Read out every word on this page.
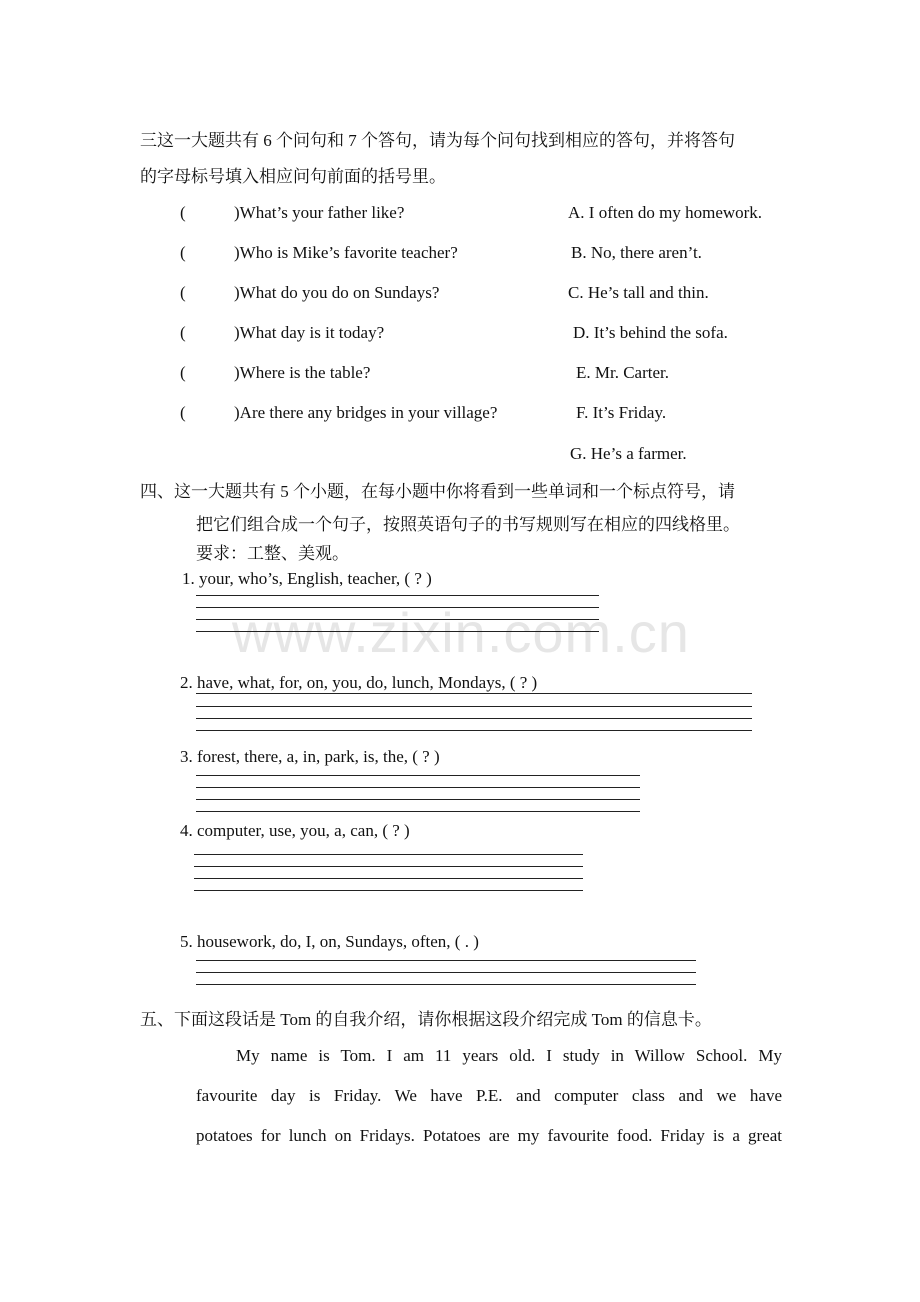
www.zixin.com.cn
三这一大题共有 6 个问句和 7 个答句，请为每个问句找到相应的答句，并将答句
的字母标号填入相应问句前面的括号里。
(	)What’s your father like?
(	)Who is Mike’s favorite teacher?
(	)What do you do on Sundays?
(	)What day is it today?
(	)Where is the table?
(	)Are there any bridges in your village?
A. I often do my homework.
B. No, there aren’t.
C. He’s tall and thin.
D. It’s behind the sofa.
E. Mr. Carter.
F. It’s Friday.
G. He’s a farmer.
四、这一大题共有 5 个小题，在每小题中你将看到一些单词和一个标点符号，请
把它们组合成一个句子，按照英语句子的书写规则写在相应的四线格里。
要求：工整、美观。
1. your, who’s, English, teacher, ( ? )
2. have, what, for, on, you, do, lunch, Mondays, ( ? )
3. forest, there, a, in, park, is, the, ( ? )
4. computer, use, you, a, can, ( ? )
5. housework, do, I, on, Sundays, often, ( . )
五、下面这段话是 Tom 的自我介绍，请你根据这段介绍完成 Tom 的信息卡。
My name is Tom. I am 11 years old. I study in Willow School. My
favourite day is Friday. We have P.E. and computer class and we have
potatoes for lunch on Fridays. Potatoes are my favourite food. Friday is a great
